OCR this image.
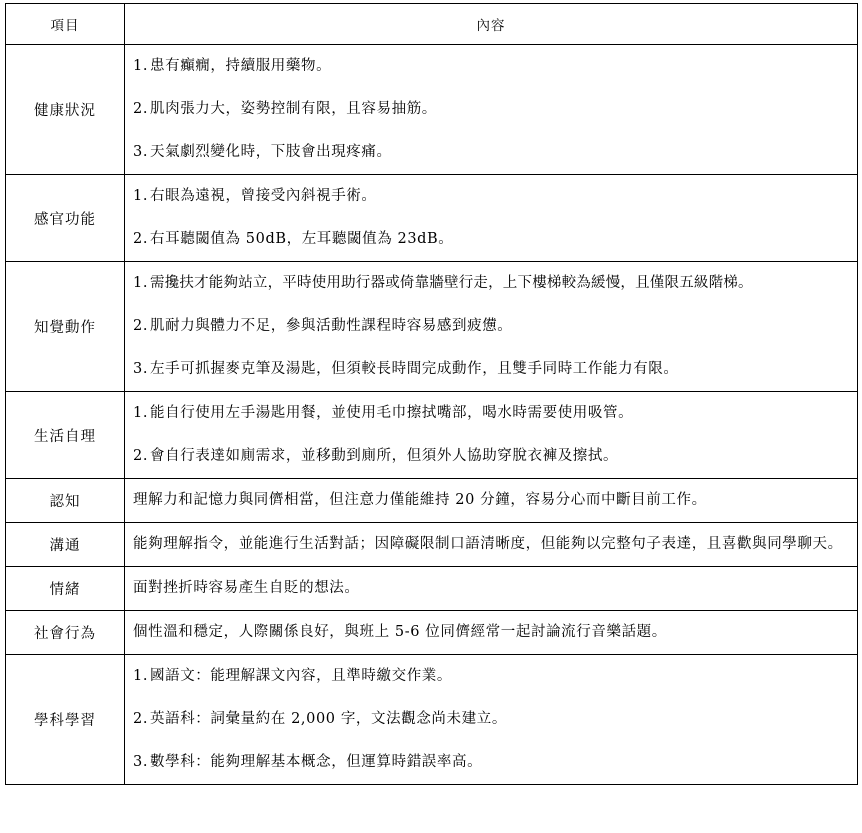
項目	內容
健康狀況	1. 患有癲癇，持續服用藥物。
2. 肌肉張力大，姿勢控制有限，且容易抽筋。
3. 天氣劇烈變化時，下肢會出現疼痛。

感官功能	1. 右眼為遠視，曾接受內斜視手術。
2. 右耳聽閾值為 50dB，左耳聽閾值為 23dB。

知覺動作	1. 需攙扶才能夠站立，平時使用助行器或倚靠牆壁行走，上下樓梯較為緩慢，且僅限五級階梯。
2. 肌耐力與體力不足，參與活動性課程時容易感到疲憊。
3. 左手可抓握麥克筆及湯匙，但須較長時間完成動作，且雙手同時工作能力有限。

生活自理	1. 能自行使用左手湯匙用餐，並使用毛巾擦拭嘴部，喝水時需要使用吸管。
2. 會自行表達如廁需求，並移動到廁所，但須外人協助穿脫衣褲及擦拭。

認知	理解力和記憶力與同儕相當，但注意力僅能維持 20 分鐘，容易分心而中斷目前工作。

溝通	能夠理解指令，並能進行生活對話；因障礙限制口語清晰度，但能夠以完整句子表達，且喜歡與同學聊天。

情緒	面對挫折時容易產生自貶的想法。

社會行為	個性溫和穩定，人際關係良好，與班上 5-6 位同儕經常一起討論流行音樂話題。

學科學習	1. 國語文：能理解課文內容，且準時繳交作業。
2. 英語科：詞彙量約在 2,000 字，文法觀念尚未建立。
3. 數學科：能夠理解基本概念，但運算時錯誤率高。
